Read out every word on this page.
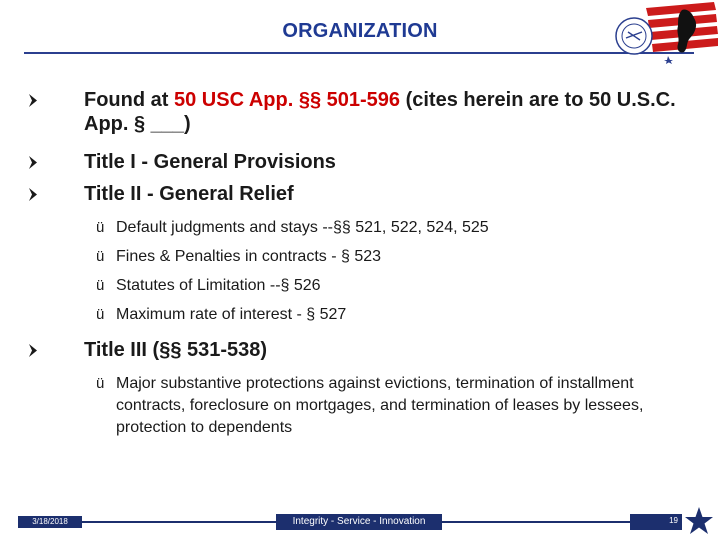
ORGANIZATION
Found at 50 USC App. §§ 501-596 (cites herein are to 50 U.S.C. App. § ___)
Title I - General Provisions
Title II - General Relief
ü Default judgments and stays --§§ 521, 522, 524, 525
ü Fines & Penalties in contracts - § 523
ü Statutes of Limitation --§ 526
ü Maximum rate of interest - § 527
Title III (§§ 531-538)
ü Major substantive protections against evictions, termination of installment contracts, foreclosure on mortgages, and termination of leases by lessees, protection to dependents
3/18/2018	Integrity - Service - Innovation	19
